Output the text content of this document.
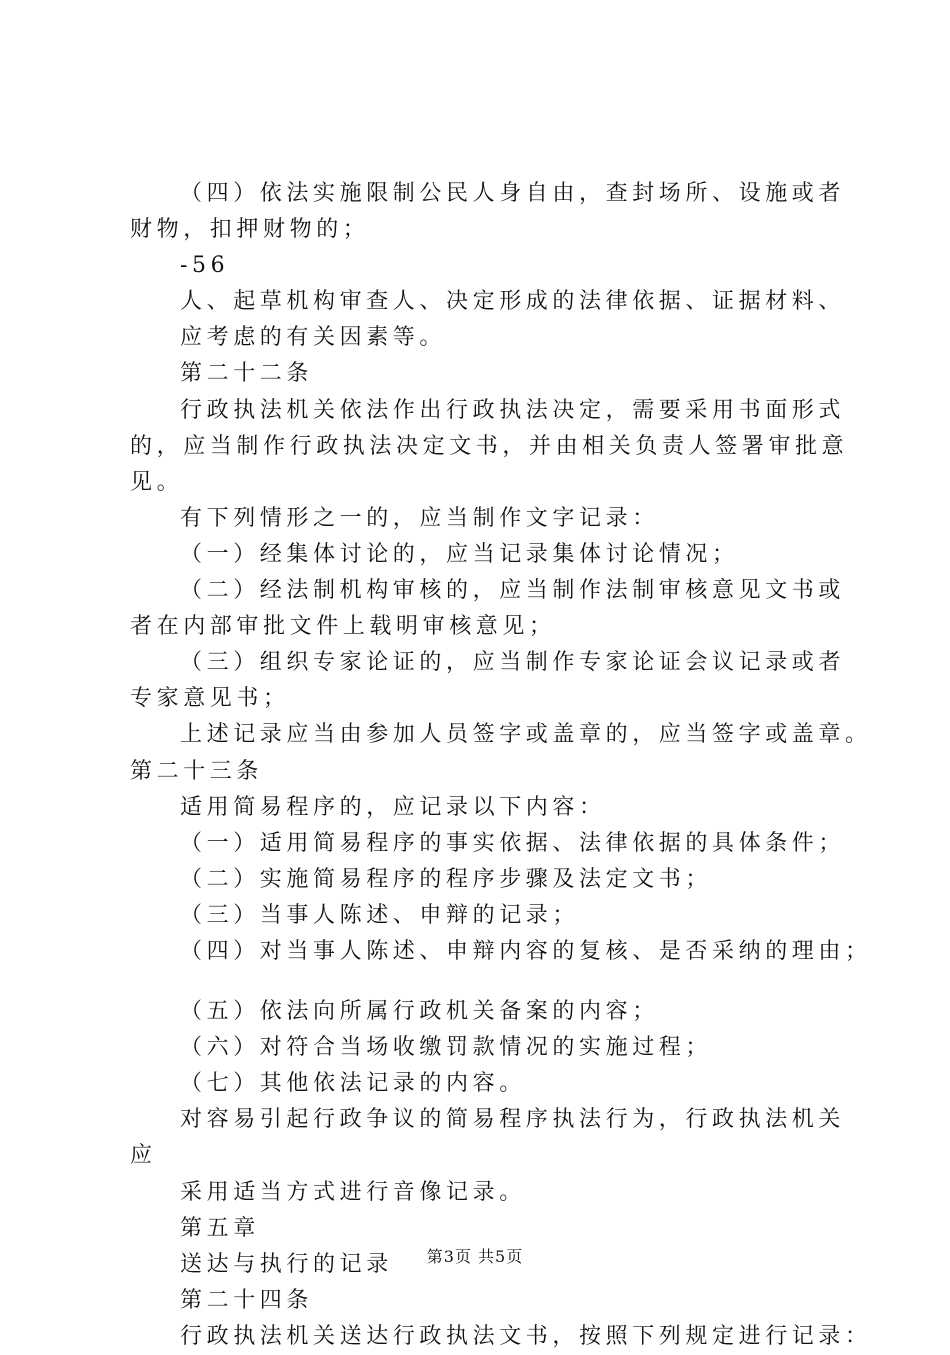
（四）依法实施限制公民人身自由，查封场所、设施或者
财物，扣押财物的；
-56
人、起草机构审查人、决定形成的法律依据、证据材料、
应考虑的有关因素等。
第二十二条
行政执法机关依法作出行政执法决定，需要采用书面形式
的，应当制作行政执法决定文书，并由相关负责人签署审批意
见。
有下列情形之一的，应当制作文字记录：
（一）经集体讨论的，应当记录集体讨论情况；
（二）经法制机构审核的，应当制作法制审核意见文书或
者在内部审批文件上载明审核意见；
（三）组织专家论证的，应当制作专家论证会议记录或者
专家意见书；
上述记录应当由参加人员签字或盖章的，应当签字或盖章。
第二十三条
适用简易程序的，应记录以下内容：
（一）适用简易程序的事实依据、法律依据的具体条件；
（二）实施简易程序的程序步骤及法定文书；
（三）当事人陈述、申辩的记录；
（四）对当事人陈述、申辩内容的复核、是否采纳的理由；
（五）依法向所属行政机关备案的内容；
（六）对符合当场收缴罚款情况的实施过程；
（七）其他依法记录的内容。
对容易引起行政争议的简易程序执法行为，行政执法机关
应
采用适当方式进行音像记录。
第五章
送达与执行的记录
第二十四条
行政执法机关送达行政执法文书，按照下列规定进行记录：
第3页 共5页
